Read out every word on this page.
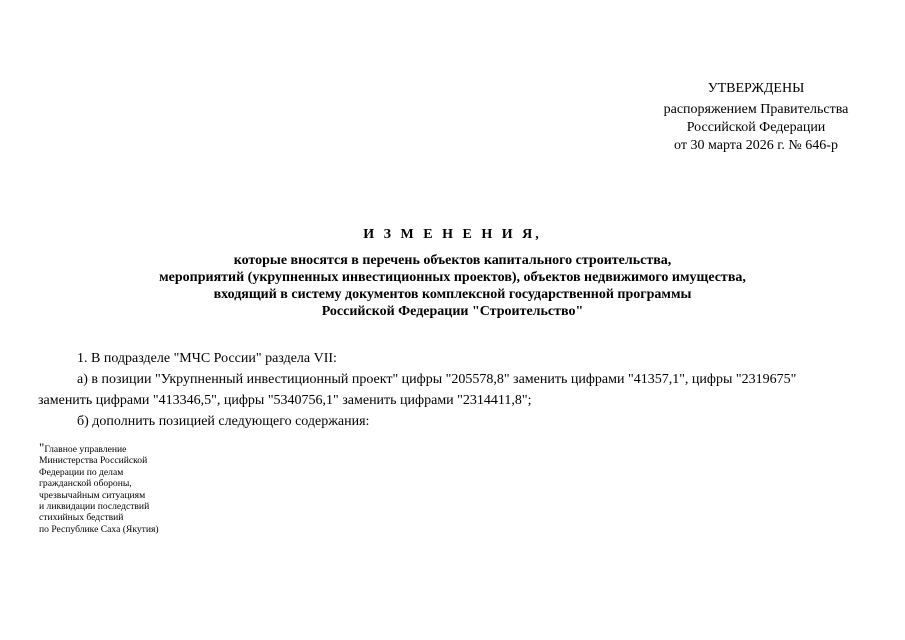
УТВЕРЖДЕНЫ
распоряжением Правительства
Российской Федерации
от 30 марта 2026 г. № 646-р
И З М Е Н Е Н И Я,
которые вносятся в перечень объектов капитального строительства,
мероприятий (укрупненных инвестиционных проектов), объектов недвижимого имущества,
входящий в систему документов комплексной государственной программы
Российской Федерации "Строительство"
1. В подразделе "МЧС России" раздела VII:
а) в позиции "Укрупненный инвестиционный проект" цифры "205578,8" заменить цифрами "41357,1", цифры "2319675"
заменить цифрами "413346,5", цифры "5340756,1" заменить цифрами "2314411,8";
б) дополнить позицией следующего содержания:
"Главное управление
Министерства Российской
Федерации по делам
гражданской обороны,
чрезвычайным ситуациям
и ликвидации последствий
стихийных бедствий
по Республике Саха (Якутия)
